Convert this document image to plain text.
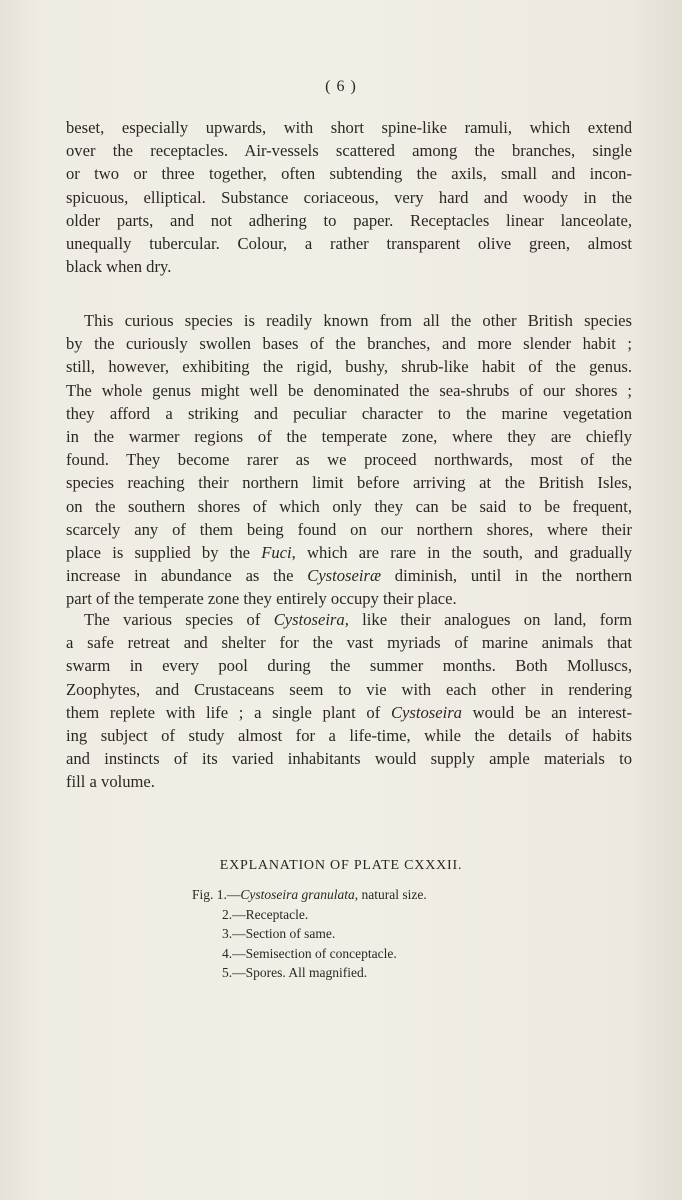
( 6 )
beset, especially upwards, with short spine-like ramuli, which extend
over the receptacles. Air-vessels scattered among the branches, single
or two or three together, often subtending the axils, small and incon-
spicuous, elliptical. Substance coriaceous, very hard and woody in the
older parts, and not adhering to paper. Receptacles linear lanceolate,
unequally tubercular. Colour, a rather transparent olive green, almost
black when dry.
This curious species is readily known from all the other British species
by the curiously swollen bases of the branches, and more slender habit ;
still, however, exhibiting the rigid, bushy, shrub-like habit of the genus.
The whole genus might well be denominated the sea-shrubs of our shores ;
they afford a striking and peculiar character to the marine vegetation
in the warmer regions of the temperate zone, where they are chiefly
found. They become rarer as we proceed northwards, most of the
species reaching their northern limit before arriving at the British Isles,
on the southern shores of which only they can be said to be frequent,
scarcely any of them being found on our northern shores, where their
place is supplied by the Fuci, which are rare in the south, and gradually
increase in abundance as the Cystoseiræ diminish, until in the northern
part of the temperate zone they entirely occupy their place.
The various species of Cystoseira, like their analogues on land, form
a safe retreat and shelter for the vast myriads of marine animals that
swarm in every pool during the summer months. Both Molluscs,
Zoophytes, and Crustaceans seem to vie with each other in rendering
them replete with life ; a single plant of Cystoseira would be an interest-
ing subject of study almost for a life-time, while the details of habits
and instincts of its varied inhabitants would supply ample materials to
fill a volume.
EXPLANATION OF PLATE CXXXII.
Fig. 1.—Cystoseira granulata, natural size.
2.—Receptacle.
3.—Section of same.
4.—Semisection of conceptacle.
5.—Spores. All magnified.
